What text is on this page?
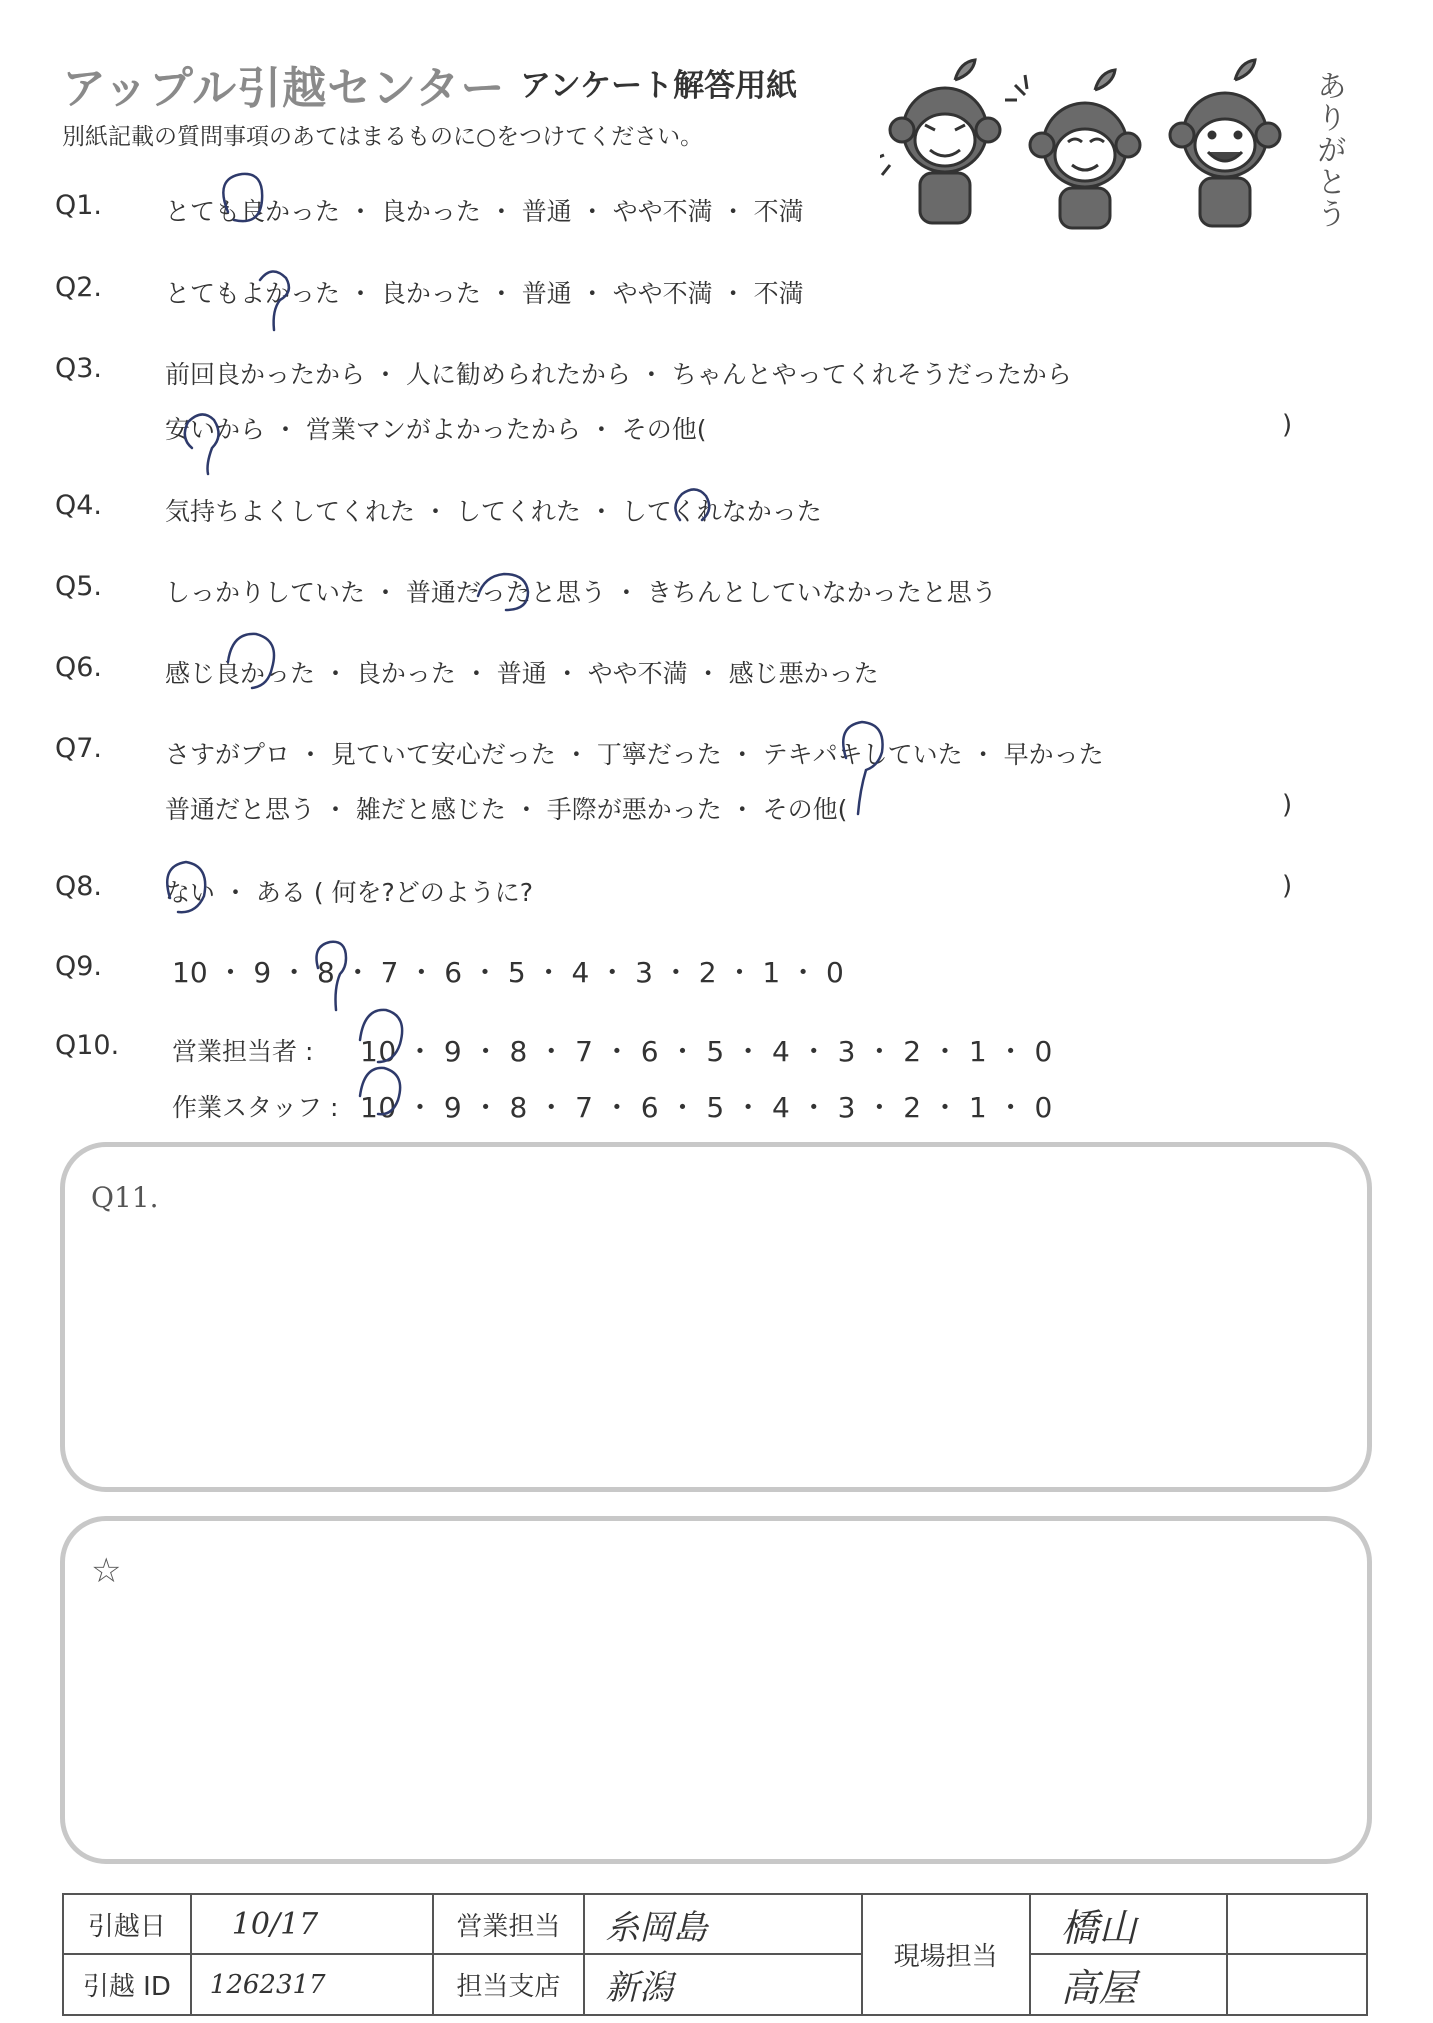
アップル引越センター アンケート解答用紙
別紙記載の質問事項のあてはまるものに○をつけてください。	ありがとう
Q1.	とても良かった ・ 良かった ・ 普通 ・ やや不満 ・ 不満
Q2.	とてもよかった ・ 良かった ・ 普通 ・ やや不満 ・ 不満
Q3.	前回良かったから ・ 人に勧められたから ・ ちゃんとやってくれそうだったから
安いから ・ 営業マンがよかったから ・ その他(	)
Q4.	気持ちよくしてくれた ・ してくれた ・ してくれなかった
Q5.	しっかりしていた ・ 普通だったと思う ・ きちんとしていなかったと思う
Q6.	感じ良かった ・ 良かった ・ 普通 ・ やや不満 ・ 感じ悪かった
Q7.	さすがプロ ・ 見ていて安心だった ・ 丁寧だった ・ テキパキしていた ・ 早かった
普通だと思う ・ 雑だと感じた ・ 手際が悪かった ・ その他(	)
Q8.	ない ・ ある ( 何を?どのように?	)
Q9. 10 ・ 9 ・ 8 ・ 7 ・ 6 ・ 5 ・ 4 ・ 3 ・ 2 ・ 1 ・ 0
Q10. 営業担当者 : 10 ・ 9 ・ 8 ・ 7 ・ 6 ・ 5 ・ 4 ・ 3 ・ 2 ・ 1 ・ 0
作業スタッフ : 10 ・ 9 ・ 8 ・ 7 ・ 6 ・ 5 ・ 4 ・ 3 ・ 2 ・ 1 ・ 0
Q11.
☆
引越日	10/17	営業担当	糸岡島	現場担当	橋山	
引越 ID	1262317	担当支店	新潟		高屋	
